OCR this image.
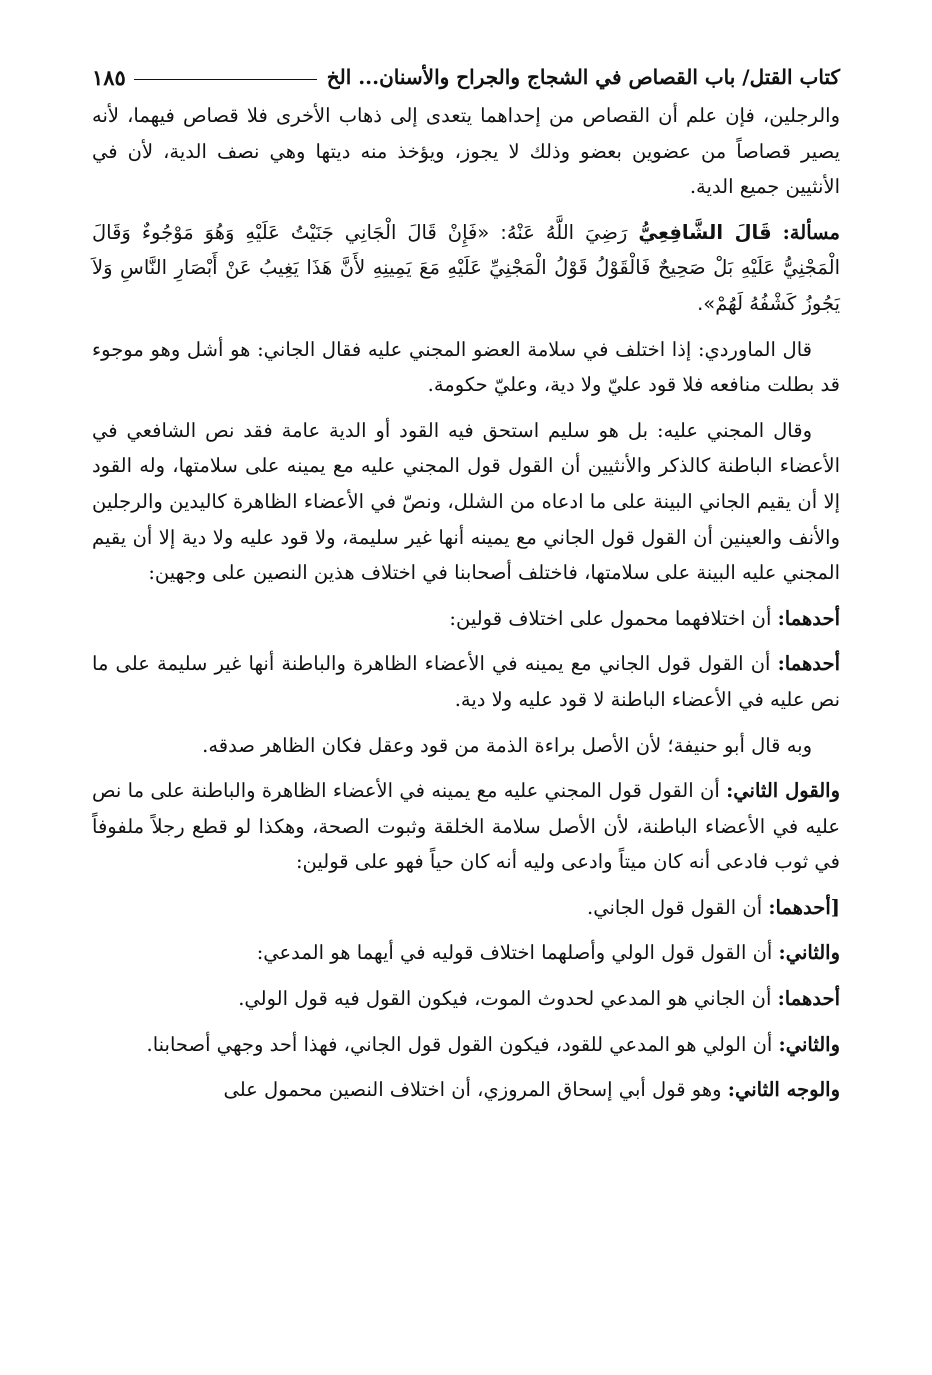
كتاب القتل/ باب القصاص في الشجاج والجراح والأسنان... الخ
١٨٥

والرجلين، فإن علم أن القصاص من إحداهما يتعدى إلى ذهاب الأخرى فلا قصاص فيهما، لأنه يصير قصاصاً من عضوين بعضو وذلك لا يجوز، ويؤخذ منه ديتها وهي نصف الدية، لأن في الأنثيين جميع الدية.

مسألة: قَالَ الشَّافِعِيُّ رَضِيَ اللَّهُ عَنْهُ: «فَإِنْ قَالَ الْجَانِي جَنَيْتُ عَلَيْهِ وَهُوَ مَوْجُوءٌ وَقَالَ الْمَجْنِيُّ عَلَيْهِ بَلْ صَحِيحٌ فَالْقَوْلُ قَوْلُ الْمَجْنِيِّ عَلَيْهِ مَعَ يَمِينِهِ لأَنَّ هَذَا يَغِيبُ عَنْ أَبْصَارِ النَّاسِ وَلاَ يَجُوزُ كَشْفُهُ لَهُمْ».

قال الماوردي: إذا اختلف في سلامة العضو المجني عليه فقال الجاني: هو أشل وهو موجوء قد بطلت منافعه فلا قود عليّ ولا دية، وعليّ حكومة.

وقال المجني عليه: بل هو سليم استحق فيه القود أو الدية عامة فقد نص الشافعي في الأعضاء الباطنة كالذكر والأنثيين أن القول قول المجني عليه مع يمينه على سلامتها، وله القود إلا أن يقيم الجاني البينة على ما ادعاه من الشلل، ونصّ في الأعضاء الظاهرة كاليدين والرجلين والأنف والعينين أن القول قول الجاني مع يمينه أنها غير سليمة، ولا قود عليه ولا دية إلا أن يقيم المجني عليه البينة على سلامتها، فاختلف أصحابنا في اختلاف هذين النصين على وجهين:

أحدهما: أن اختلافهما محمول على اختلاف قولين:

أحدهما: أن القول قول الجاني مع يمينه في الأعضاء الظاهرة والباطنة أنها غير سليمة على ما نص عليه في الأعضاء الباطنة لا قود عليه ولا دية.

وبه قال أبو حنيفة؛ لأن الأصل براءة الذمة من قود وعقل فكان الظاهر صدقه.

والقول الثاني: أن القول قول المجني عليه مع يمينه في الأعضاء الظاهرة والباطنة على ما نص عليه في الأعضاء الباطنة، لأن الأصل سلامة الخلقة وثبوت الصحة، وهكذا لو قطع رجلاً ملفوفاً في ثوب فادعى أنه كان ميتاً وادعى وليه أنه كان حياً فهو على قولين:

[أحدهما: أن القول قول الجاني.

والثاني: أن القول قول الولي وأصلهما اختلاف قوليه في أيهما هو المدعي:

أحدهما: أن الجاني هو المدعي لحدوث الموت، فيكون القول فيه قول الولي.

والثاني: أن الولي هو المدعي للقود، فيكون القول قول الجاني، فهذا أحد وجهي أصحابنا.

والوجه الثاني: وهو قول أبي إسحاق المروزي، أن اختلاف النصين محمول على
